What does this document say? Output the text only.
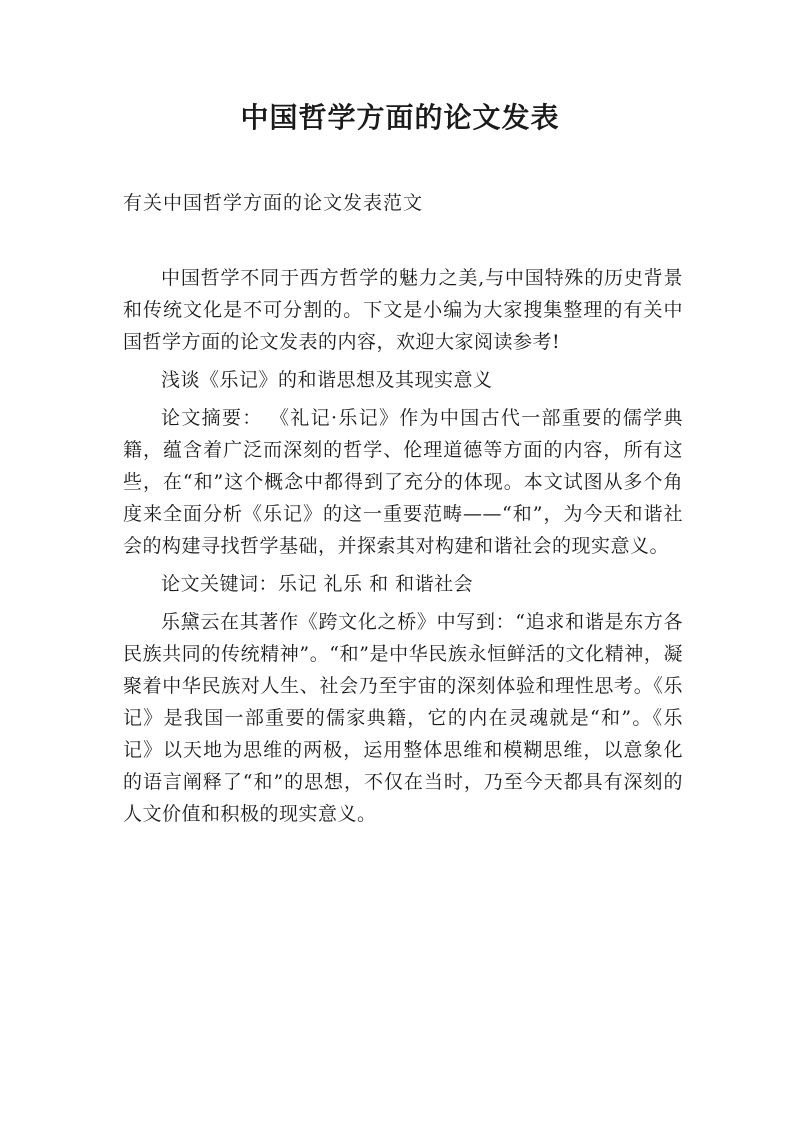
中国哲学方面的论文发表
有关中国哲学方面的论文发表范文

中国哲学不同于西方哲学的魅力之美,与中国特殊的历史背景和传统文化是不可分割的。下文是小编为大家搜集整理的有关中国哲学方面的论文发表的内容，欢迎大家阅读参考!

浅谈《乐记》的和谐思想及其现实意义

论文摘要： 《礼记·乐记》作为中国古代一部重要的儒学典籍，蕴含着广泛而深刻的哲学、伦理道德等方面的内容，所有这些，在“和”这个概念中都得到了充分的体现。本文试图从多个角度来全面分析《乐记》的这一重要范畴——“和”，为今天和谐社会的构建寻找哲学基础，并探索其对构建和谐社会的现实意义。

论文关键词：乐记 礼乐 和 和谐社会

乐黛云在其著作《跨文化之桥》中写到：“追求和谐是东方各民族共同的传统精神”。“和”是中华民族永恒鲜活的文化精神，凝聚着中华民族对人生、社会乃至宇宙的深刻体验和理性思考。《乐记》是我国一部重要的儒家典籍，它的内在灵魂就是“和”。《乐记》以天地为思维的两极，运用整体思维和模糊思维，以意象化的语言阐释了“和”的思想，不仅在当时，乃至今天都具有深刻的人文价值和积极的现实意义。
